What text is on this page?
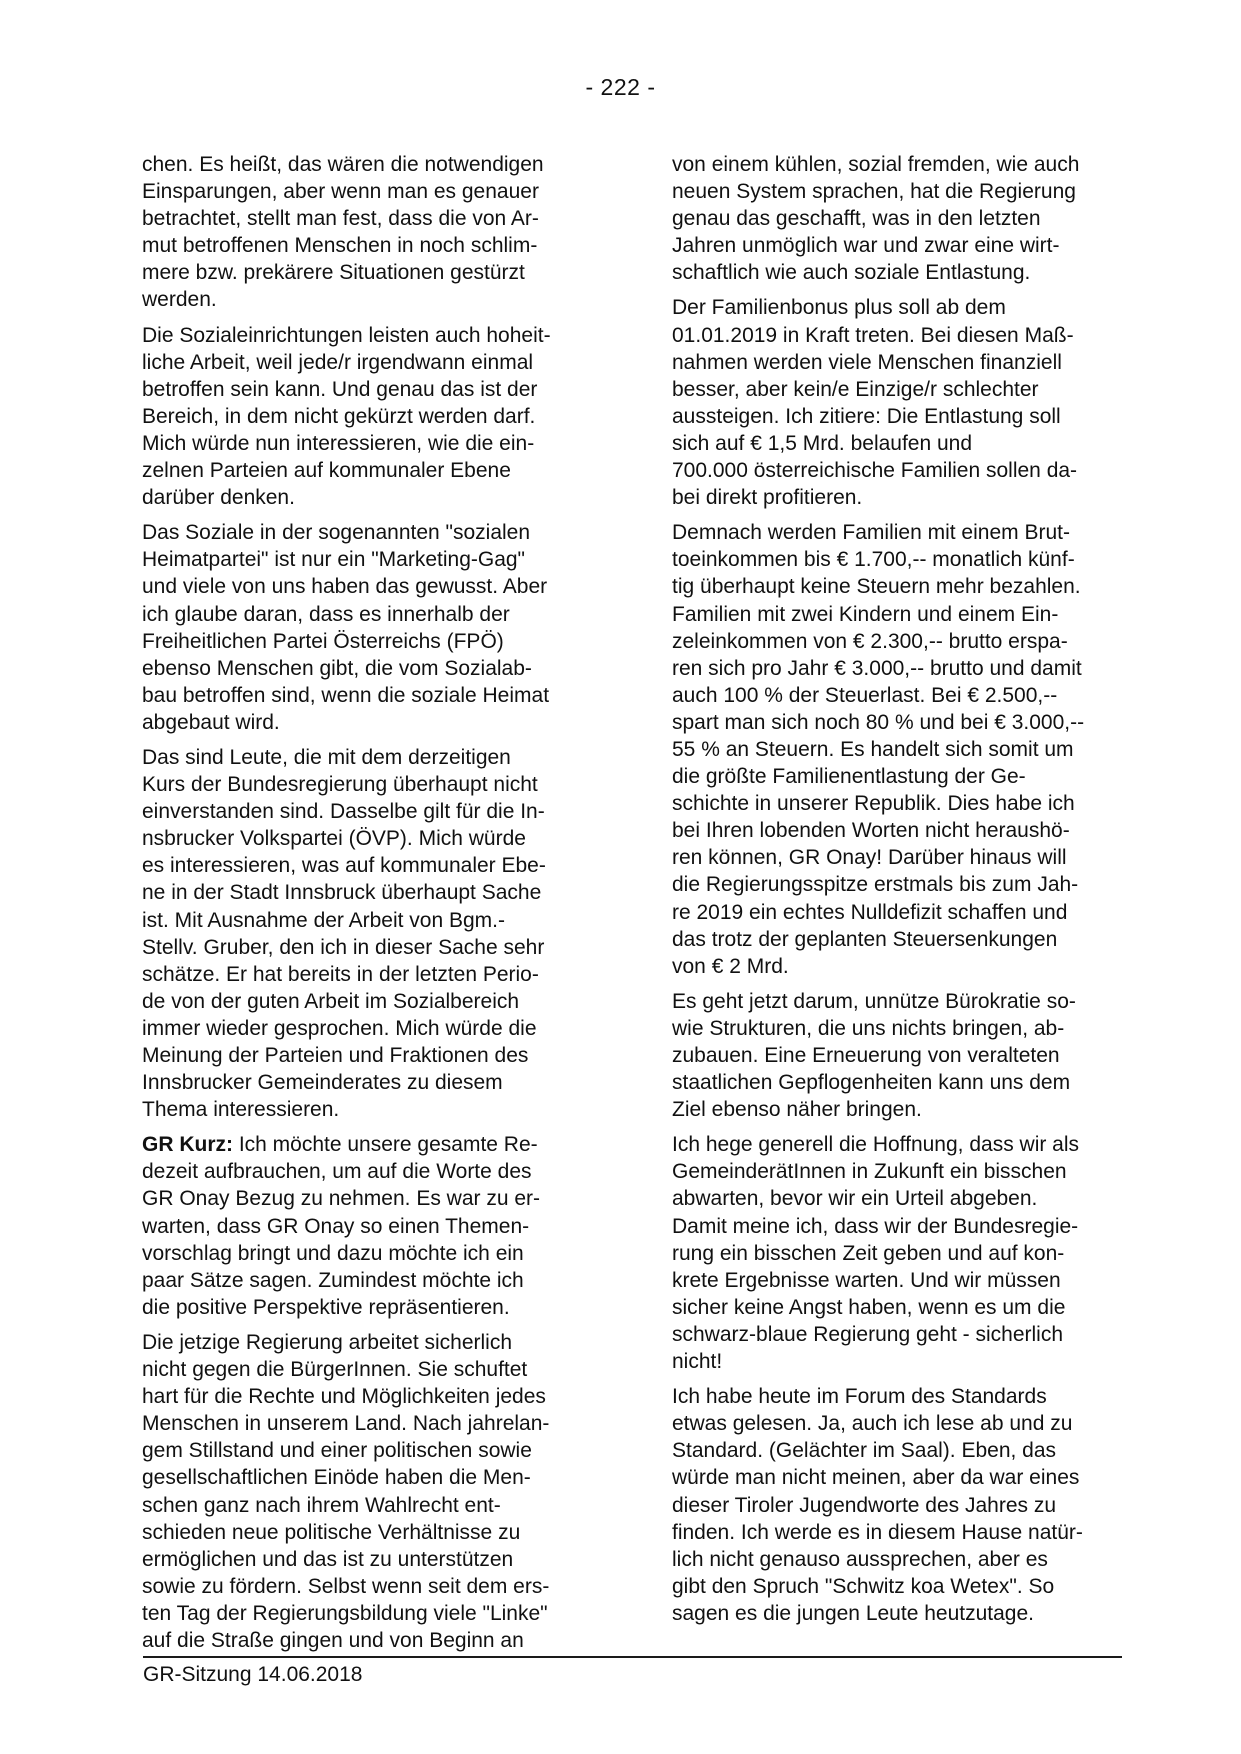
- 222 -
chen. Es heißt, das wären die notwendigen
Einsparungen, aber wenn man es genauer
betrachtet, stellt man fest, dass die von Ar-
mut betroffenen Menschen in noch schlim-
mere bzw. prekärere Situationen gestürzt
werden.
Die Sozialeinrichtungen leisten auch hoheit-
liche Arbeit, weil jede/r irgendwann einmal
betroffen sein kann. Und genau das ist der
Bereich, in dem nicht gekürzt werden darf.
Mich würde nun interessieren, wie die ein-
zelnen Parteien auf kommunaler Ebene
darüber denken.
Das Soziale in der sogenannten "sozialen
Heimatpartei" ist nur ein "Marketing-Gag"
und viele von uns haben das gewusst. Aber
ich glaube daran, dass es innerhalb der
Freiheitlichen Partei Österreichs (FPÖ)
ebenso Menschen gibt, die vom Sozialab-
bau betroffen sind, wenn die soziale Heimat
abgebaut wird.
Das sind Leute, die mit dem derzeitigen
Kurs der Bundesregierung überhaupt nicht
einverstanden sind. Dasselbe gilt für die In-
nsbrucker Volkspartei (ÖVP). Mich würde
es interessieren, was auf kommunaler Ebe-
ne in der Stadt Innsbruck überhaupt Sache
ist. Mit Ausnahme der Arbeit von Bgm.-
Stellv. Gruber, den ich in dieser Sache sehr
schätze. Er hat bereits in der letzten Perio-
de von der guten Arbeit im Sozialbereich
immer wieder gesprochen. Mich würde die
Meinung der Parteien und Fraktionen des
Innsbrucker Gemeinderates zu diesem
Thema interessieren.
GR Kurz: Ich möchte unsere gesamte Re-
dezeit aufbrauchen, um auf die Worte des
GR Onay Bezug zu nehmen. Es war zu er-
warten, dass GR Onay so einen Themen-
vorschlag bringt und dazu möchte ich ein
paar Sätze sagen. Zumindest möchte ich
die positive Perspektive repräsentieren.
Die jetzige Regierung arbeitet sicherlich
nicht gegen die BürgerInnen. Sie schuftet
hart für die Rechte und Möglichkeiten jedes
Menschen in unserem Land. Nach jahrelan-
gem Stillstand und einer politischen sowie
gesellschaftlichen Einöde haben die Men-
schen ganz nach ihrem Wahlrecht ent-
schieden neue politische Verhältnisse zu
ermöglichen und das ist zu unterstützen
sowie zu fördern. Selbst wenn seit dem ers-
ten Tag der Regierungsbildung viele "Linke"
auf die Straße gingen und von Beginn an
von einem kühlen, sozial fremden, wie auch
neuen System sprachen, hat die Regierung
genau das geschafft, was in den letzten
Jahren unmöglich war und zwar eine wirt-
schaftlich wie auch soziale Entlastung.
Der Familienbonus plus soll ab dem
01.01.2019 in Kraft treten. Bei diesen Maß-
nahmen werden viele Menschen finanziell
besser, aber kein/e Einzige/r schlechter
aussteigen. Ich zitiere: Die Entlastung soll
sich auf € 1,5 Mrd. belaufen und
700.000 österreichische Familien sollen da-
bei direkt profitieren.
Demnach werden Familien mit einem Brut-
toeinkommen bis € 1.700,-- monatlich künf-
tig überhaupt keine Steuern mehr bezahlen.
Familien mit zwei Kindern und einem Ein-
zeleinkommen von € 2.300,-- brutto erspa-
ren sich pro Jahr € 3.000,-- brutto und damit
auch 100 % der Steuerlast. Bei € 2.500,--
spart man sich noch 80 % und bei € 3.000,--
55 % an Steuern. Es handelt sich somit um
die größte Familienentlastung der Ge-
schichte in unserer Republik. Dies habe ich
bei Ihren lobenden Worten nicht heraushö-
ren können, GR Onay! Darüber hinaus will
die Regierungsspitze erstmals bis zum Jah-
re 2019 ein echtes Nulldefizit schaffen und
das trotz der geplanten Steuersenkungen
von € 2 Mrd.
Es geht jetzt darum, unnütze Bürokratie so-
wie Strukturen, die uns nichts bringen, ab-
zubauen. Eine Erneuerung von veralteten
staatlichen Gepflogenheiten kann uns dem
Ziel ebenso näher bringen.
Ich hege generell die Hoffnung, dass wir als
GemeinderätInnen in Zukunft ein bisschen
abwarten, bevor wir ein Urteil abgeben.
Damit meine ich, dass wir der Bundesregie-
rung ein bisschen Zeit geben und auf kon-
krete Ergebnisse warten. Und wir müssen
sicher keine Angst haben, wenn es um die
schwarz-blaue Regierung geht - sicherlich
nicht!
Ich habe heute im Forum des Standards
etwas gelesen. Ja, auch ich lese ab und zu
Standard. (Gelächter im Saal). Eben, das
würde man nicht meinen, aber da war eines
dieser Tiroler Jugendworte des Jahres zu
finden. Ich werde es in diesem Hause natür-
lich nicht genauso aussprechen, aber es
gibt den Spruch "Schwitz koa Wetex". So
sagen es die jungen Leute heutzutage.
GR-Sitzung 14.06.2018
